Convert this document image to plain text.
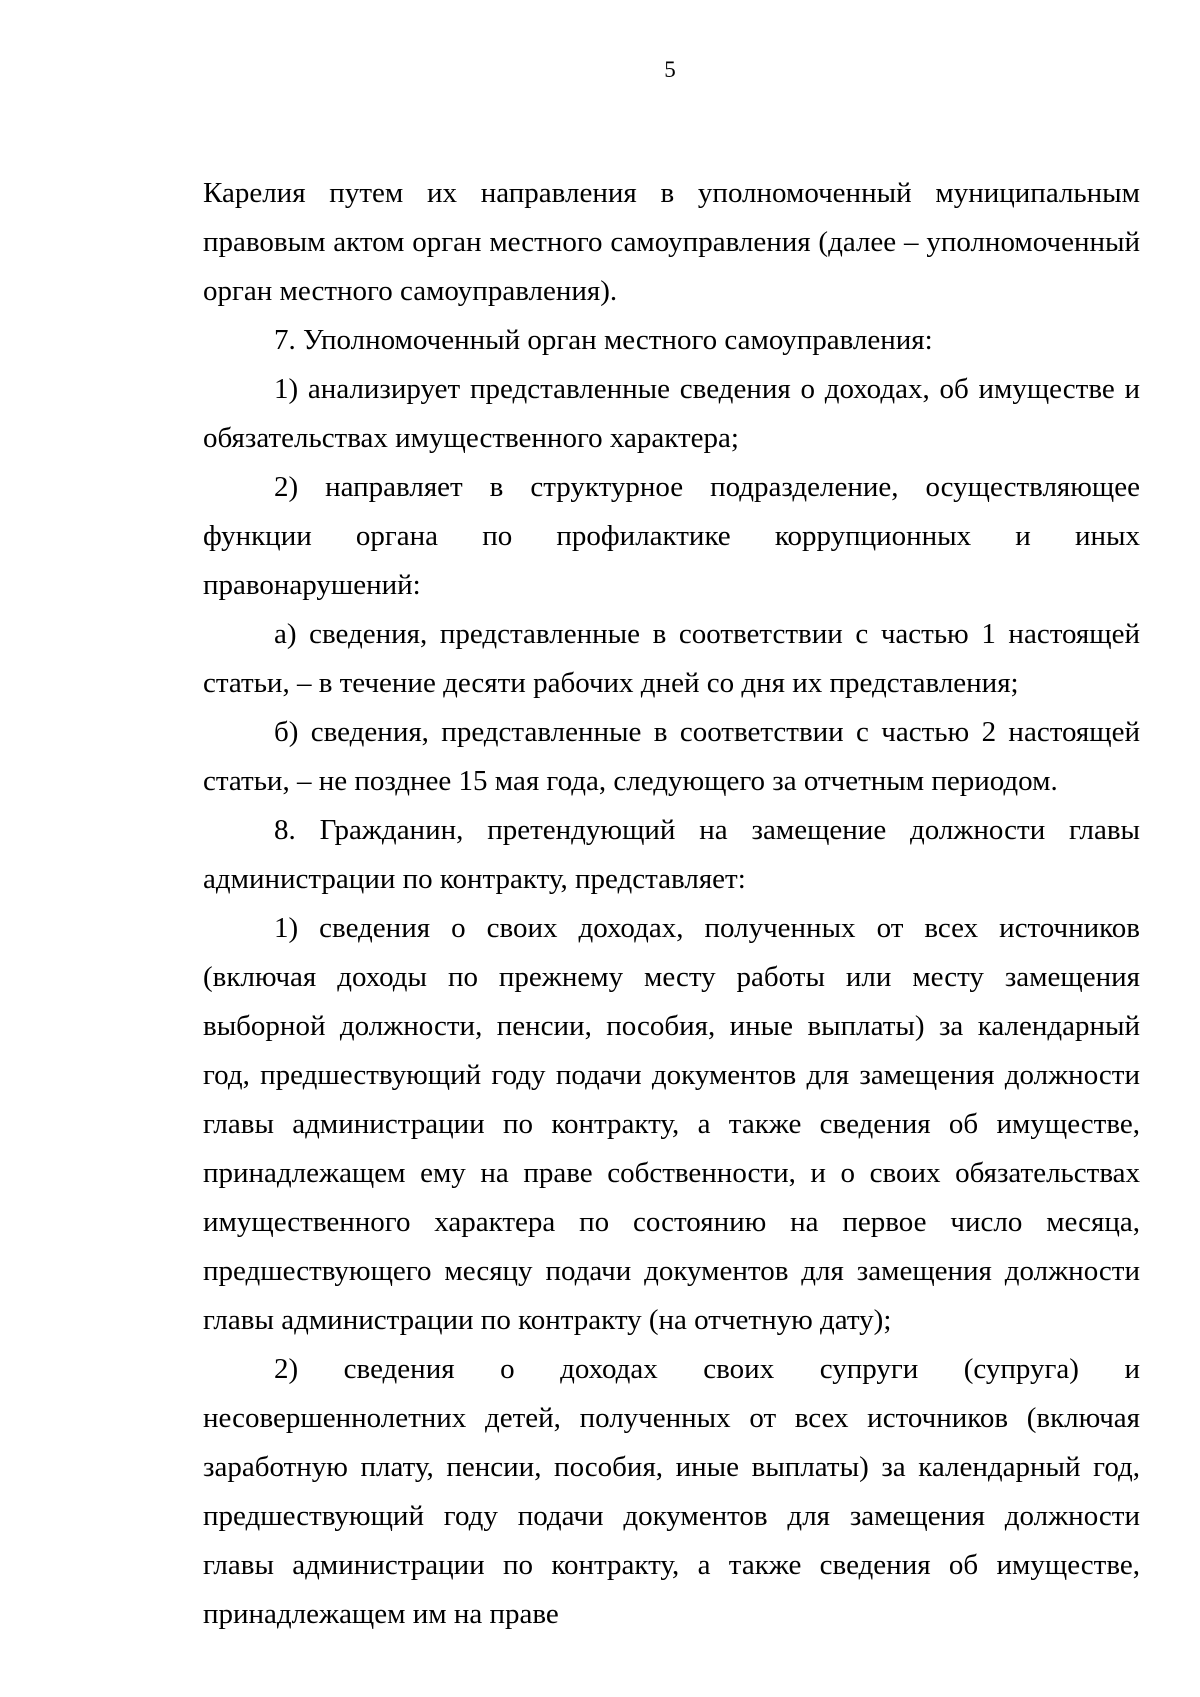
5

Карелия путем их направления в уполномоченный муниципальным правовым актом орган местного самоуправления (далее – уполномоченный орган местного самоуправления).

7. Уполномоченный орган местного самоуправления:

1) анализирует представленные сведения о доходах, об имуществе и обязательствах имущественного характера;

2) направляет в структурное подразделение, осуществляющее функции органа по профилактике коррупционных и иных правонарушений:

а) сведения, представленные в соответствии с частью 1 настоящей статьи, – в течение десяти рабочих дней со дня их представления;

б) сведения, представленные в соответствии с частью 2 настоящей статьи, – не позднее 15 мая года, следующего за отчетным периодом.

8. Гражданин, претендующий на замещение должности главы администрации по контракту, представляет:

1) сведения о своих доходах, полученных от всех источников (включая доходы по прежнему месту работы или месту замещения выборной должности, пенсии, пособия, иные выплаты) за календарный год, предшествующий году подачи документов для замещения должности главы администрации по контракту, а также сведения об имуществе, принадлежащем ему на праве собственности, и о своих обязательствах имущественного характера по состоянию на первое число месяца, предшествующего месяцу подачи документов для замещения должности главы администрации по контракту (на отчетную дату);

2) сведения о доходах своих супруги (супруга) и несовершеннолетних детей, полученных от всех источников (включая заработную плату, пенсии, пособия, иные выплаты) за календарный год, предшествующий году подачи документов для замещения должности главы администрации по контракту, а также сведения об имуществе, принадлежащем им на праве
